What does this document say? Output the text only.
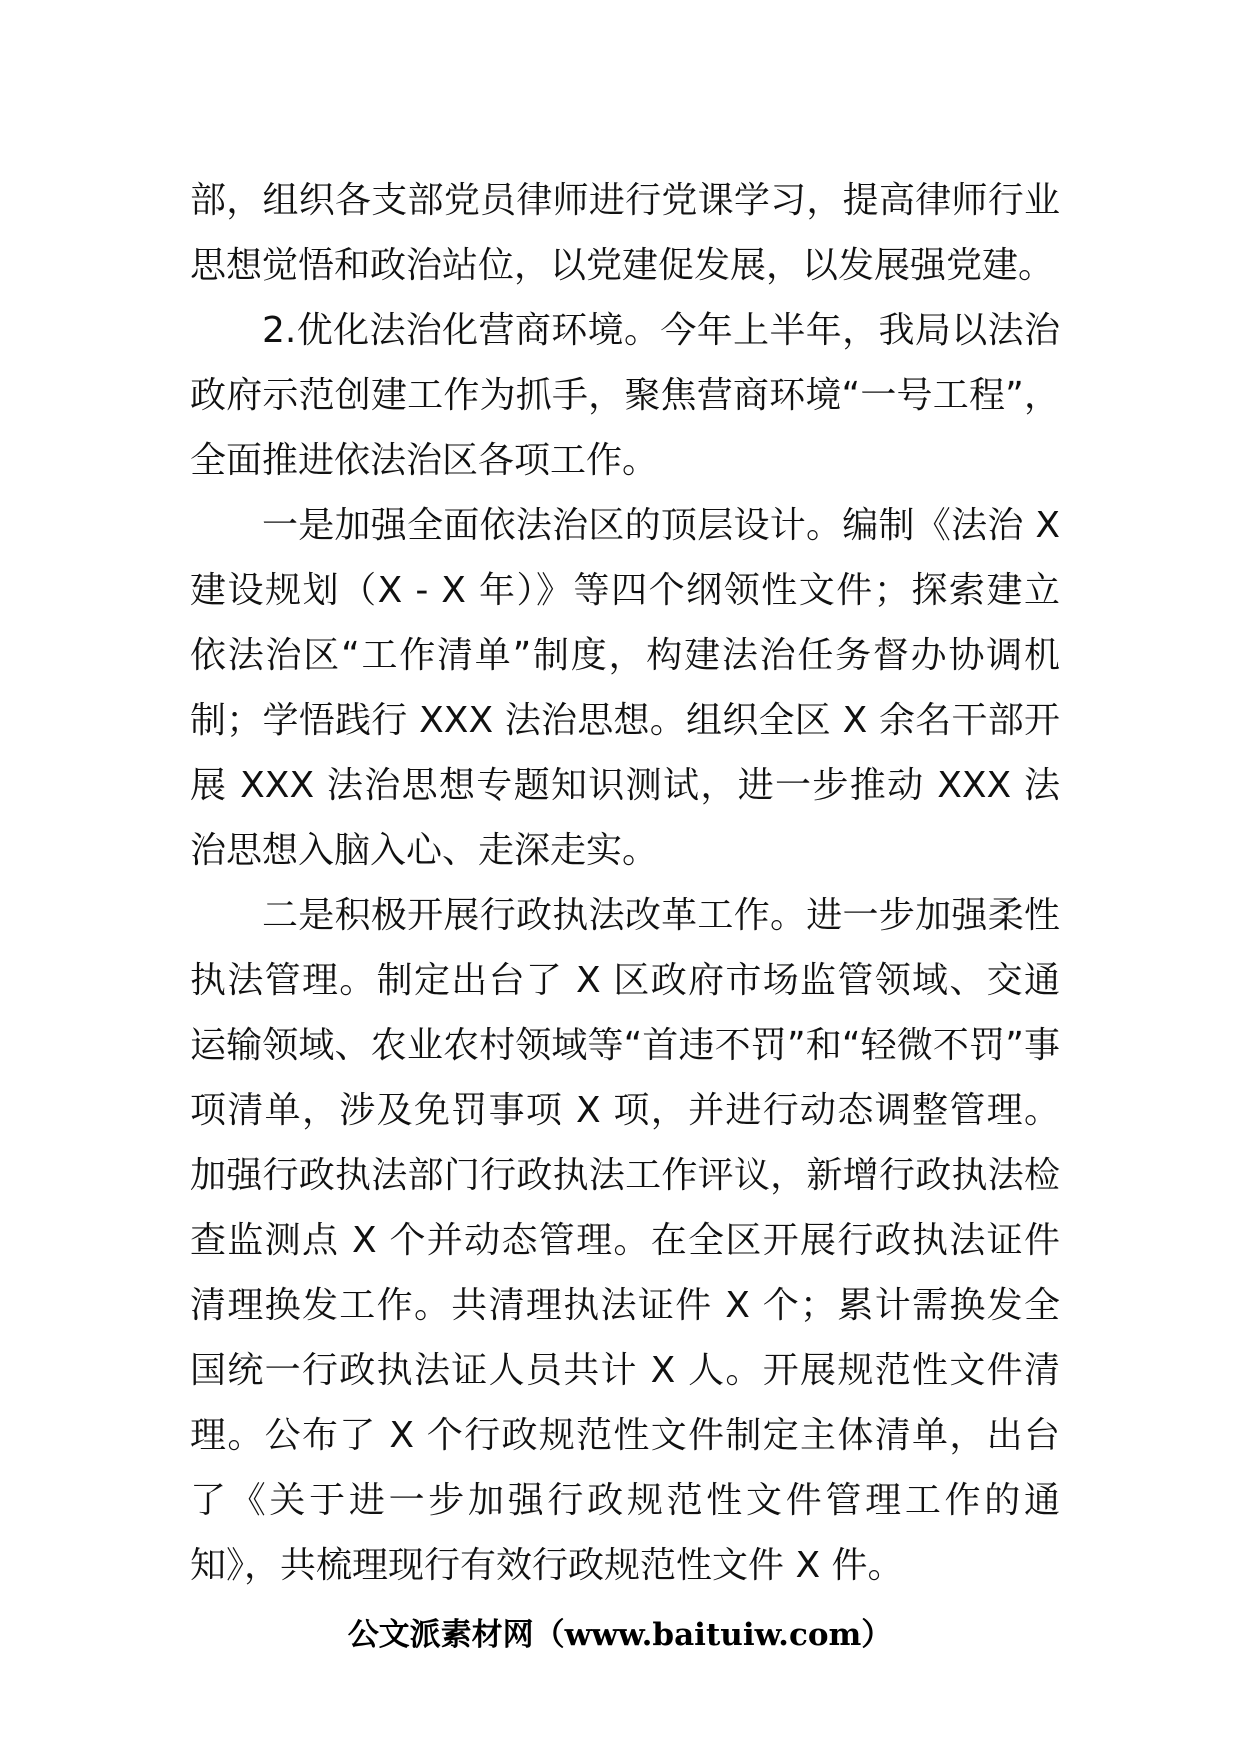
部，组织各支部党员律师进行党课学习，提高律师行业思想觉悟和政治站位，以党建促发展，以发展强党建。

2.优化法治化营商环境。今年上半年，我局以法治政府示范创建工作为抓手，聚焦营商环境“一号工程”，全面推进依法治区各项工作。

一是加强全面依法治区的顶层设计。编制《法治 X 建设规划（X - X 年）》等四个纲领性文件；探索建立依法治区“工作清单”制度，构建法治任务督办协调机制；学悟践行 XXX 法治思想。组织全区 X 余名干部开展 XXX 法治思想专题知识测试，进一步推动 XXX 法治思想入脑入心、走深走实。

二是积极开展行政执法改革工作。进一步加强柔性执法管理。制定出台了 X 区政府市场监管领域、交通运输领域、农业农村领域等“首违不罚”和“轻微不罚”事项清单，涉及免罚事项 X 项，并进行动态调整管理。加强行政执法部门行政执法工作评议，新增行政执法检查监测点 X 个并动态管理。在全区开展行政执法证件清理换发工作。共清理执法证件 X 个；累计需换发全国统一行政执法证人员共计 X 人。开展规范性文件清理。公布了 X 个行政规范性文件制定主体清单，出台了《关于进一步加强行政规范性文件管理工作的通知》，共梳理现行有效行政规范性文件 X 件。

公文派素材网（www.baituiw.com）
